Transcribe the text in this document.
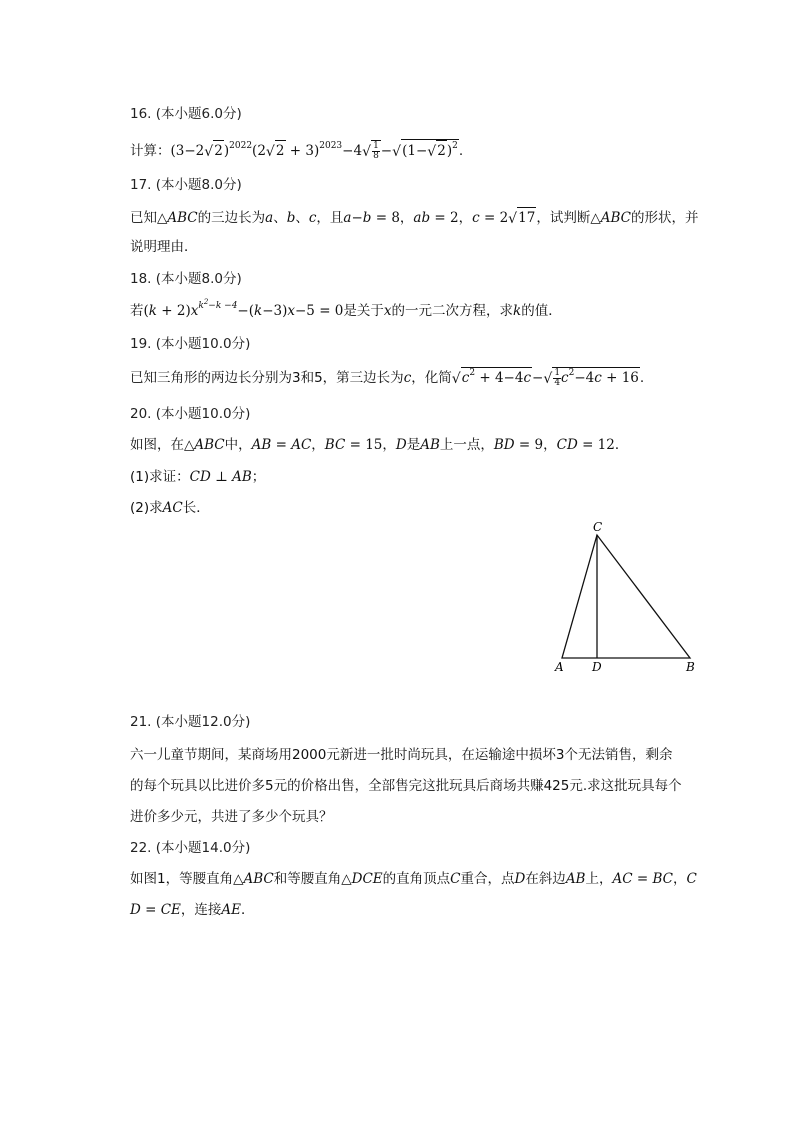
16. (本小题6.0分)
计算：(3−2 √ 2)$^{2022}$(2 √ 2 + 3)$^{2023}$−4 √ $\frac{1}{8}$ − √ (1− √ 2)$^2$.
17. (本小题8.0分)
已知△ABC的三边长为a、b、c，且a−b = 8，ab = 2，c = 2 √ 17，试判断△ABC的形状，并
说明理由．
18. (本小题8.0分)
若$(k + 2)x^{k^2-k -4}-(k-3)x-5 = 0$是关于x的一元二次方程，求k的值．
19. (本小题10.0分)
已知三角形的两边长分别为3和5，第三边长为c，化简 √ $c^2 + 4-4c-$ √ $\frac{1}{4} c^2-4c + 16$.
20. (本小题10.0分)
如图，在△ABC中，AB = AC，BC = 15，D是AB上一点，BD = 9，CD = 12．
(1)求证：CD ⊥ AB；
(2)求AC长．
C
A D	B
21. (本小题12.0分)
六一儿童节期间，某商场用2000元新进一批时尚玩具，在运输途中损坏3个无法销售，剩余
的每个玩具以比进价多5元的价格出售，全部售完这批玩具后商场共赚425元.求这批玩具每个
进价多少元，共进了多少个玩具？
22. (本小题14.0分)
如图1，等腰直角△ABC和等腰直角△DCE的直角顶点C重合，点D在斜边AB上，AC = BC，C
D = CE，连接AE．
